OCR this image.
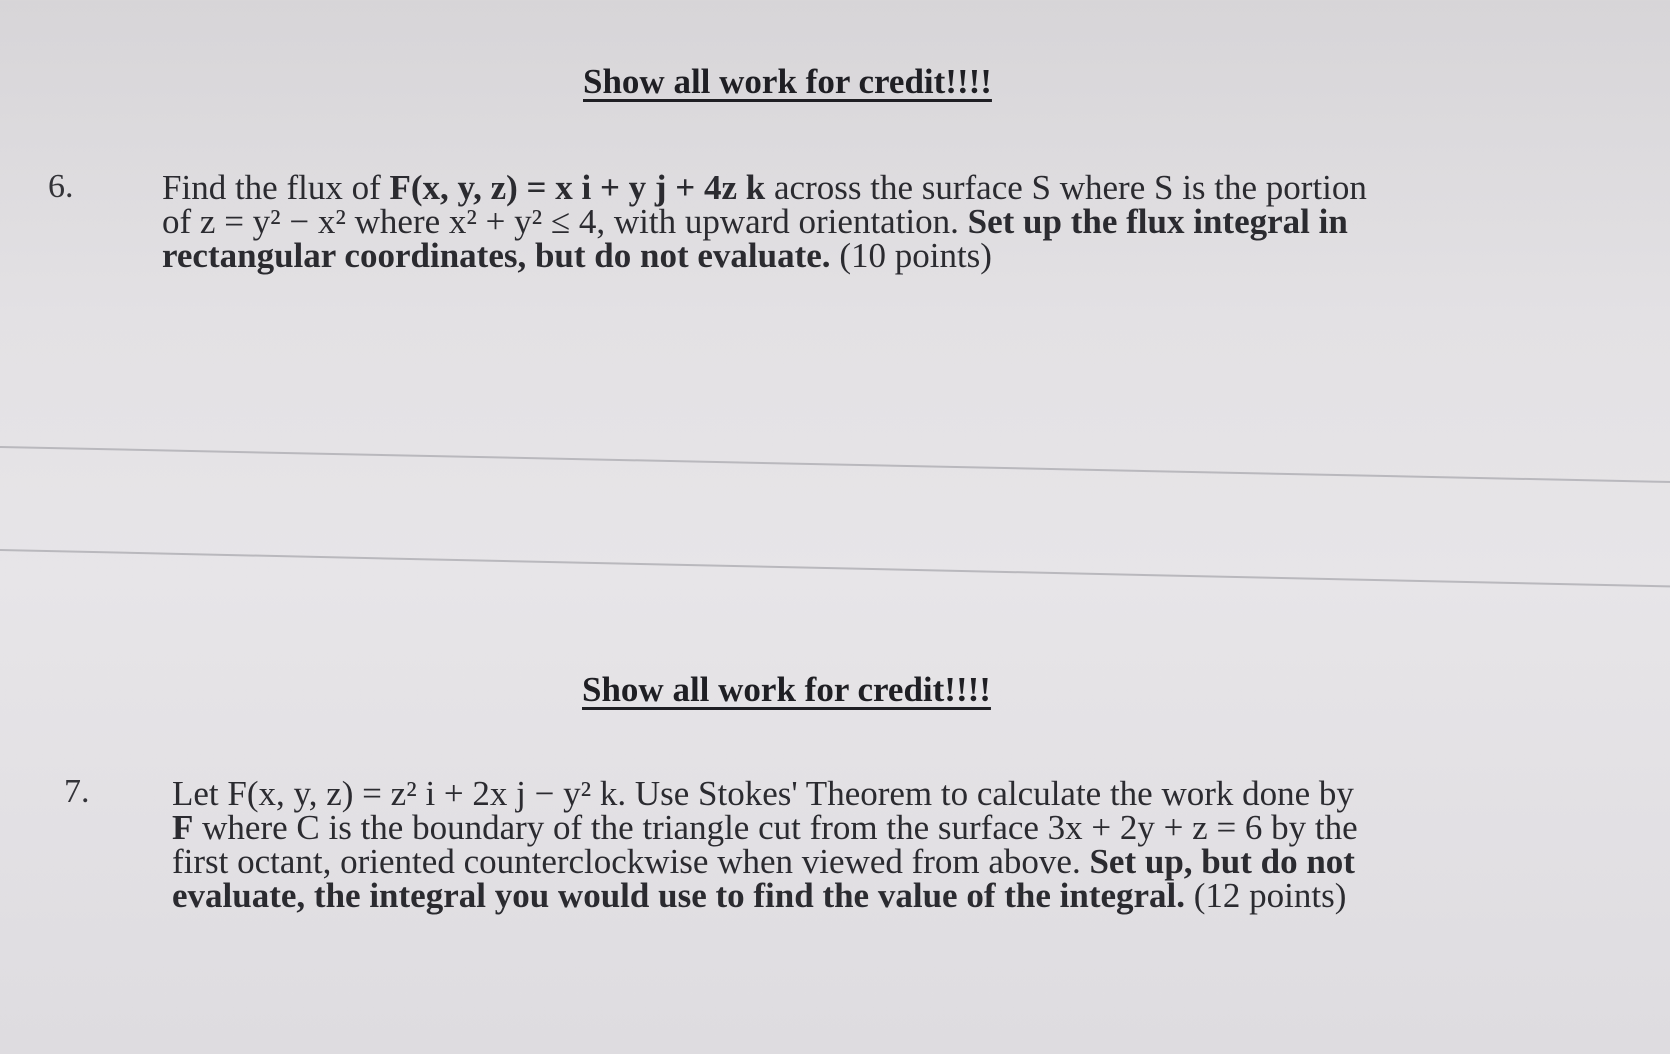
Show all work for credit!!!!
6.	Find the flux of F(x, y, z) = x i + y j + 4z k across the surface S where S is the portion
of z = y² − x² where x² + y² ≤ 4, with upward orientation. Set up the flux integral in
rectangular coordinates, but do not evaluate. (10 points)
Show all work for credit!!!!
7. Let F(x, y, z) = z² i + 2x j − y² k. Use Stokes' Theorem to calculate the work done by
F where C is the boundary of the triangle cut from the surface 3x + 2y + z = 6 by the
first octant, oriented counterclockwise when viewed from above. Set up, but do not
evaluate, the integral you would use to find the value of the integral. (12 points)
